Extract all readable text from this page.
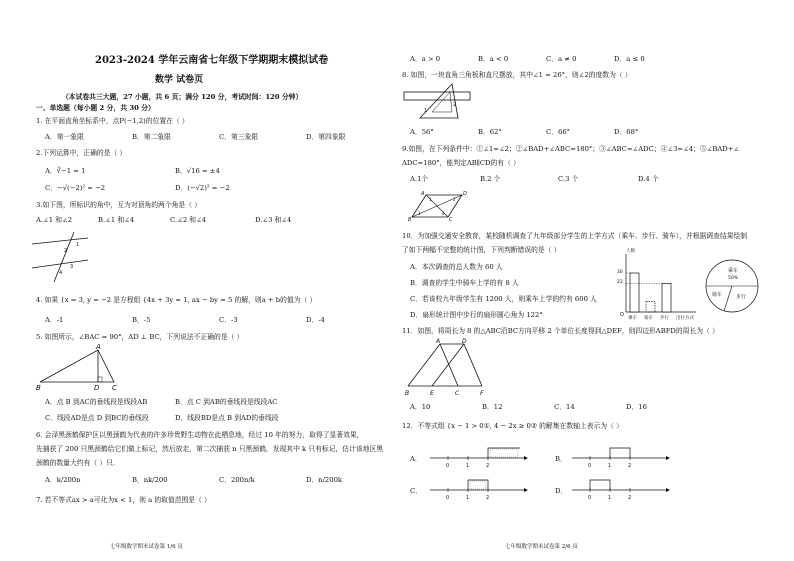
2023-2024 学年云南省七年级下学期期末模拟试卷
数学 试卷页
（本试卷共三大题，27 小题，共 6 页；满分 120 分，考试时间：120 分钟）
一、单选题（每小题 2 分，共 30 分）
1. 在平面直角坐标系中，点P(−1,2)的位置在（ ）
A．第一象限	B．第二象限	C．第三象限	D．第四象限
2.下列运算中，正确的是（ ）
A．∛−1 = 1	B．√16 = ±4
C．−√(−2)² = −2	D．(−√2)² = −2
3.如下图，所标识的角中，互为对顶角的两个角是（ ）
A.∠1 和∠2	B.∠1 和∠4	C.∠2 和∠4	D.∠3 和∠4
1
2
3
4
4. 如果 {x = 3, y = −2 是方程组 {4x + 3y = 1, ax − by = 5 的解，则a + b的值为（ ）
A．-1	B．-5	C．-3	D．-4
5. 如图所示，∠BAC = 90°，AD ⊥ BC，下列说法不正确的是（ ）
A
B	D C
A．点 B 到AC的垂线段是线段AB	B．点 C 到AB的垂线段是线段AC
C．线段AD是点 D 到BC的垂线段	D．线段BD是点 B 到AD的垂线段
6. 会泽黑颈鹤保护区以黑颈鹤为代表的许多珍贵野生动物在此栖息地，经过 10 年的努力，取得了显著效果，
先捕获了 200 只黑颈鹤给它们做上标记，然后放走，第二次捕获 n 只黑颈鹤，发现其中 k 只有标记，估计该地区黑
颈鹤的数量大约有（ ）只.
A．k/200n	B．nk/200	C．200n/k	D．n/200k
7. 若不等式ax > a可化为x < 1，则 a 的取值范围是（ ）
七年级数学期末试卷第 1/6 页
A．a > 0	B．a < 0	C．a ≠ 0	D．a ≤ 0
8. 如图，一块直角三角板和直尺摆放，其中∠1 = 26°，则∠2的度数为（ ）
1
2
A．56°	B．62°	C．66°	D．68°
9.如图，在下列条件中：①∠1=∠2；②∠BAD+∠ABC=180°；③∠ABC=∠ADC；④∠3=∠4；⑤∠BAD+∠
ADC=180°，能判定AB∥CD的有（ ）
A.1个	B.2 个	C.3 个	D.4 个
A	D
B	C
1	2
3	4
10．为加强交通安全教育，某校随机调查了九年级部分学生的上学方式（乘车、步行、骑车），并根据调查结果绘制
了如下两幅不完整的统计图，下列判断错误的是（ ）
A．本次调查的总人数为 60 人
B．调查的学生中骑车上学的有 8 人
C．若该校九年级学生有 1200 人，则乘车上学的约有 600 人
D．扇形统计图中步行的扇形圆心角为 122°	O
人数
30
22
乘车 骑车 步行 出行方式
乘车
50%
骑车	步行
11．如图，将周长为 8 的△ABC沿BC方向平移 2 个单位长度得到△DEF，则四边形ABFD的周长为（ ）
A	D
B	E	C	F
A．10	B．12	C．14	D．16
12．不等式组 {x − 1 > 0①, 4 − 2x ≥ 0② 的解集在数轴上表示为（ ）
A．
0	1	2
B．
0	1	2
C．
0	1	2
D．
0	1	2
七年级数学期末试卷第 2/6 页
